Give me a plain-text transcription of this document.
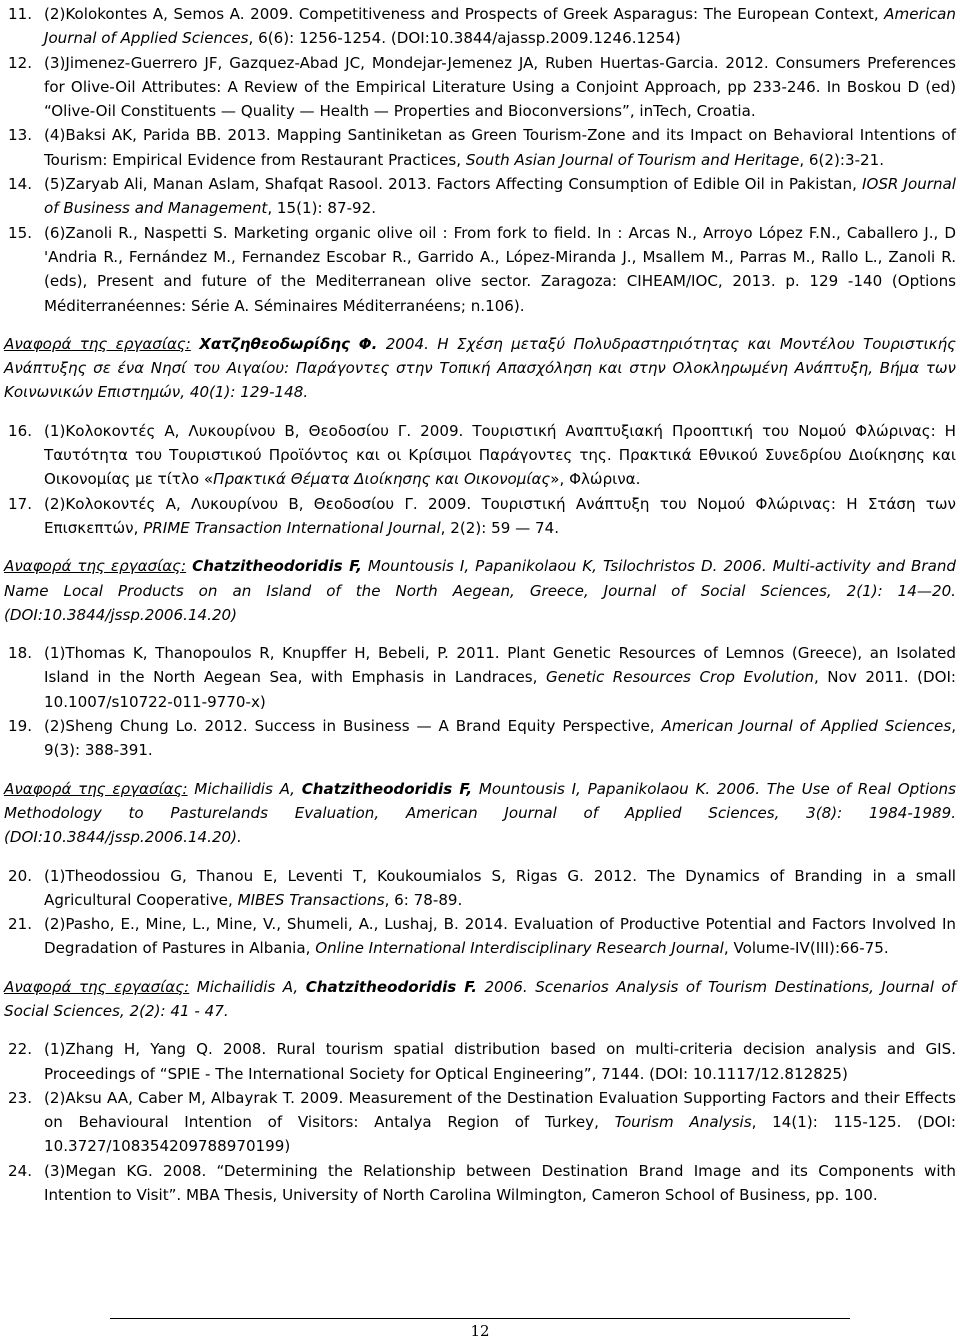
11. (2)Kolokontes A, Semos A. 2009. Competitiveness and Prospects of Greek Asparagus: The European Context, American Journal of Applied Sciences, 6(6): 1256-1254. (DOI:10.3844/ajassp.2009.1246.1254)
12. (3)Jimenez-Guerrero JF, Gazquez-Abad JC, Mondejar-Jemenez JA, Ruben Huertas-Garcia. 2012. Consumers Preferences for Olive-Oil Attributes: A Review of the Empirical Literature Using a Conjoint Approach, pp 233-246. In Boskou D (ed) “Olive-Oil Constituents — Quality — Health — Properties and Bioconversions”, inTech, Croatia.
13. (4)Baksi AK, Parida BB. 2013. Mapping Santiniketan as Green Tourism-Zone and its Impact on Behavioral Intentions of Tourism: Empirical Evidence from Restaurant Practices, South Asian Journal of Tourism and Heritage, 6(2):3-21.
14. (5)Zaryab Ali, Manan Aslam, Shafqat Rasool. 2013. Factors Affecting Consumption of Edible Oil in Pakistan, IOSR Journal of Business and Management, 15(1): 87-92.
15. (6)Zanoli R., Naspetti S. Marketing organic olive oil : From fork to field. In : Arcas N., Arroyo López F.N., Caballero J., D 'Andria R., Fernández M., Fernandez Escobar R., Garrido A., López-Miranda J., Msallem M., Parras M., Rallo L., Zanoli R. (eds), Present and future of the Mediterranean olive sector. Zaragoza: CIHEAM/IOC, 2013. p. 129 -140 (Options Méditerranéennes: Série A. Séminaires Méditerranéens; n.106).
Αναφορά της εργασίας: Χατζηθεοδωρίδης Φ. 2004. Η Σχέση μεταξύ Πολυδραστηριότητας και Μοντέλου Τουριστικής Ανάπτυξης σε ένα Νησί του Αιγαίου: Παράγοντες στην Τοπική Απασχόληση και στην Ολοκληρωμένη Ανάπτυξη, Βήμα των Κοινωνικών Επιστημών, 40(1): 129-148.
16. (1)Κολοκοντές Α, Λυκουρίνου Β, Θεοδοσίου Γ. 2009. Τουριστική Αναπτυξιακή Προοπτική του Νομού Φλώρινας: Η Ταυτότητα του Τουριστικού Προϊόντος και οι Κρίσιμοι Παράγοντες της. Πρακτικά Εθνικού Συνεδρίου Διοίκησης και Οικονομίας με τίτλο «Πρακτικά Θέματα Διοίκησης και Οικονομίας», Φλώρινα.
17. (2)Κολοκοντές Α, Λυκουρίνου Β, Θεοδοσίου Γ. 2009. Τουριστική Ανάπτυξη του Νομού Φλώρινας: Η Στάση των Επισκεπτών, PRIME Transaction International Journal, 2(2): 59 — 74.
Αναφορά της εργασίας: Chatzitheodoridis F, Mountousis I, Papanikolaou K, Tsilochristos D. 2006. Multi-activity and Brand Name Local Products on an Island of the North Aegean, Greece, Journal of Social Sciences, 2(1): 14—20. (DOI:10.3844/jssp.2006.14.20)
18. (1)Thomas K, Thanopoulos R, Knupffer H, Bebeli, P. 2011. Plant Genetic Resources of Lemnos (Greece), an Isolated Island in the North Aegean Sea, with Emphasis in Landraces, Genetic Resources Crop Evolution, Nov 2011. (DOI: 10.1007/s10722-011-9770-x)
19. (2)Sheng Chung Lo. 2012. Success in Business — A Brand Equity Perspective, American Journal of Applied Sciences, 9(3): 388-391.
Αναφορά της εργασίας: Michailidis A, Chatzitheodoridis F, Mountousis I, Papanikolaou K. 2006. The Use of Real Options Methodology to Pasturelands Evaluation, American Journal of Applied Sciences, 3(8): 1984-1989. (DOI:10.3844/jssp.2006.14.20).
20. (1)Theodossiou G, Thanou E, Leventi T, Koukoumialos S, Rigas G. 2012. The Dynamics of Branding in a small Agricultural Cooperative, MIBES Transactions, 6: 78-89.
21. (2)Pasho, E., Mine, L., Mine, V., Shumeli, A., Lushaj, B. 2014. Evaluation of Productive Potential and Factors Involved In Degradation of Pastures in Albania, Online International Interdisciplinary Research Journal, Volume-IV(III):66-75.
Αναφορά της εργασίας: Michailidis A, Chatzitheodoridis F. 2006. Scenarios Analysis of Tourism Destinations, Journal of Social Sciences, 2(2): 41 - 47.
22. (1)Zhang H, Yang Q. 2008. Rural tourism spatial distribution based on multi-criteria decision analysis and GIS. Proceedings of “SPIE - The International Society for Optical Engineering”, 7144. (DOI: 10.1117/12.812825)
23. (2)Aksu AA, Caber M, Albayrak T. 2009. Measurement of the Destination Evaluation Supporting Factors and their Effects on Behavioural Intention of Visitors: Antalya Region of Turkey, Tourism Analysis, 14(1): 115-125. (DOI: 10.3727/108354209788970199)
24. (3)Megan KG. 2008. “Determining the Relationship between Destination Brand Image and its Components with Intention to Visit”. MBA Thesis, University of North Carolina Wilmington, Cameron School of Business, pp. 100.
12
